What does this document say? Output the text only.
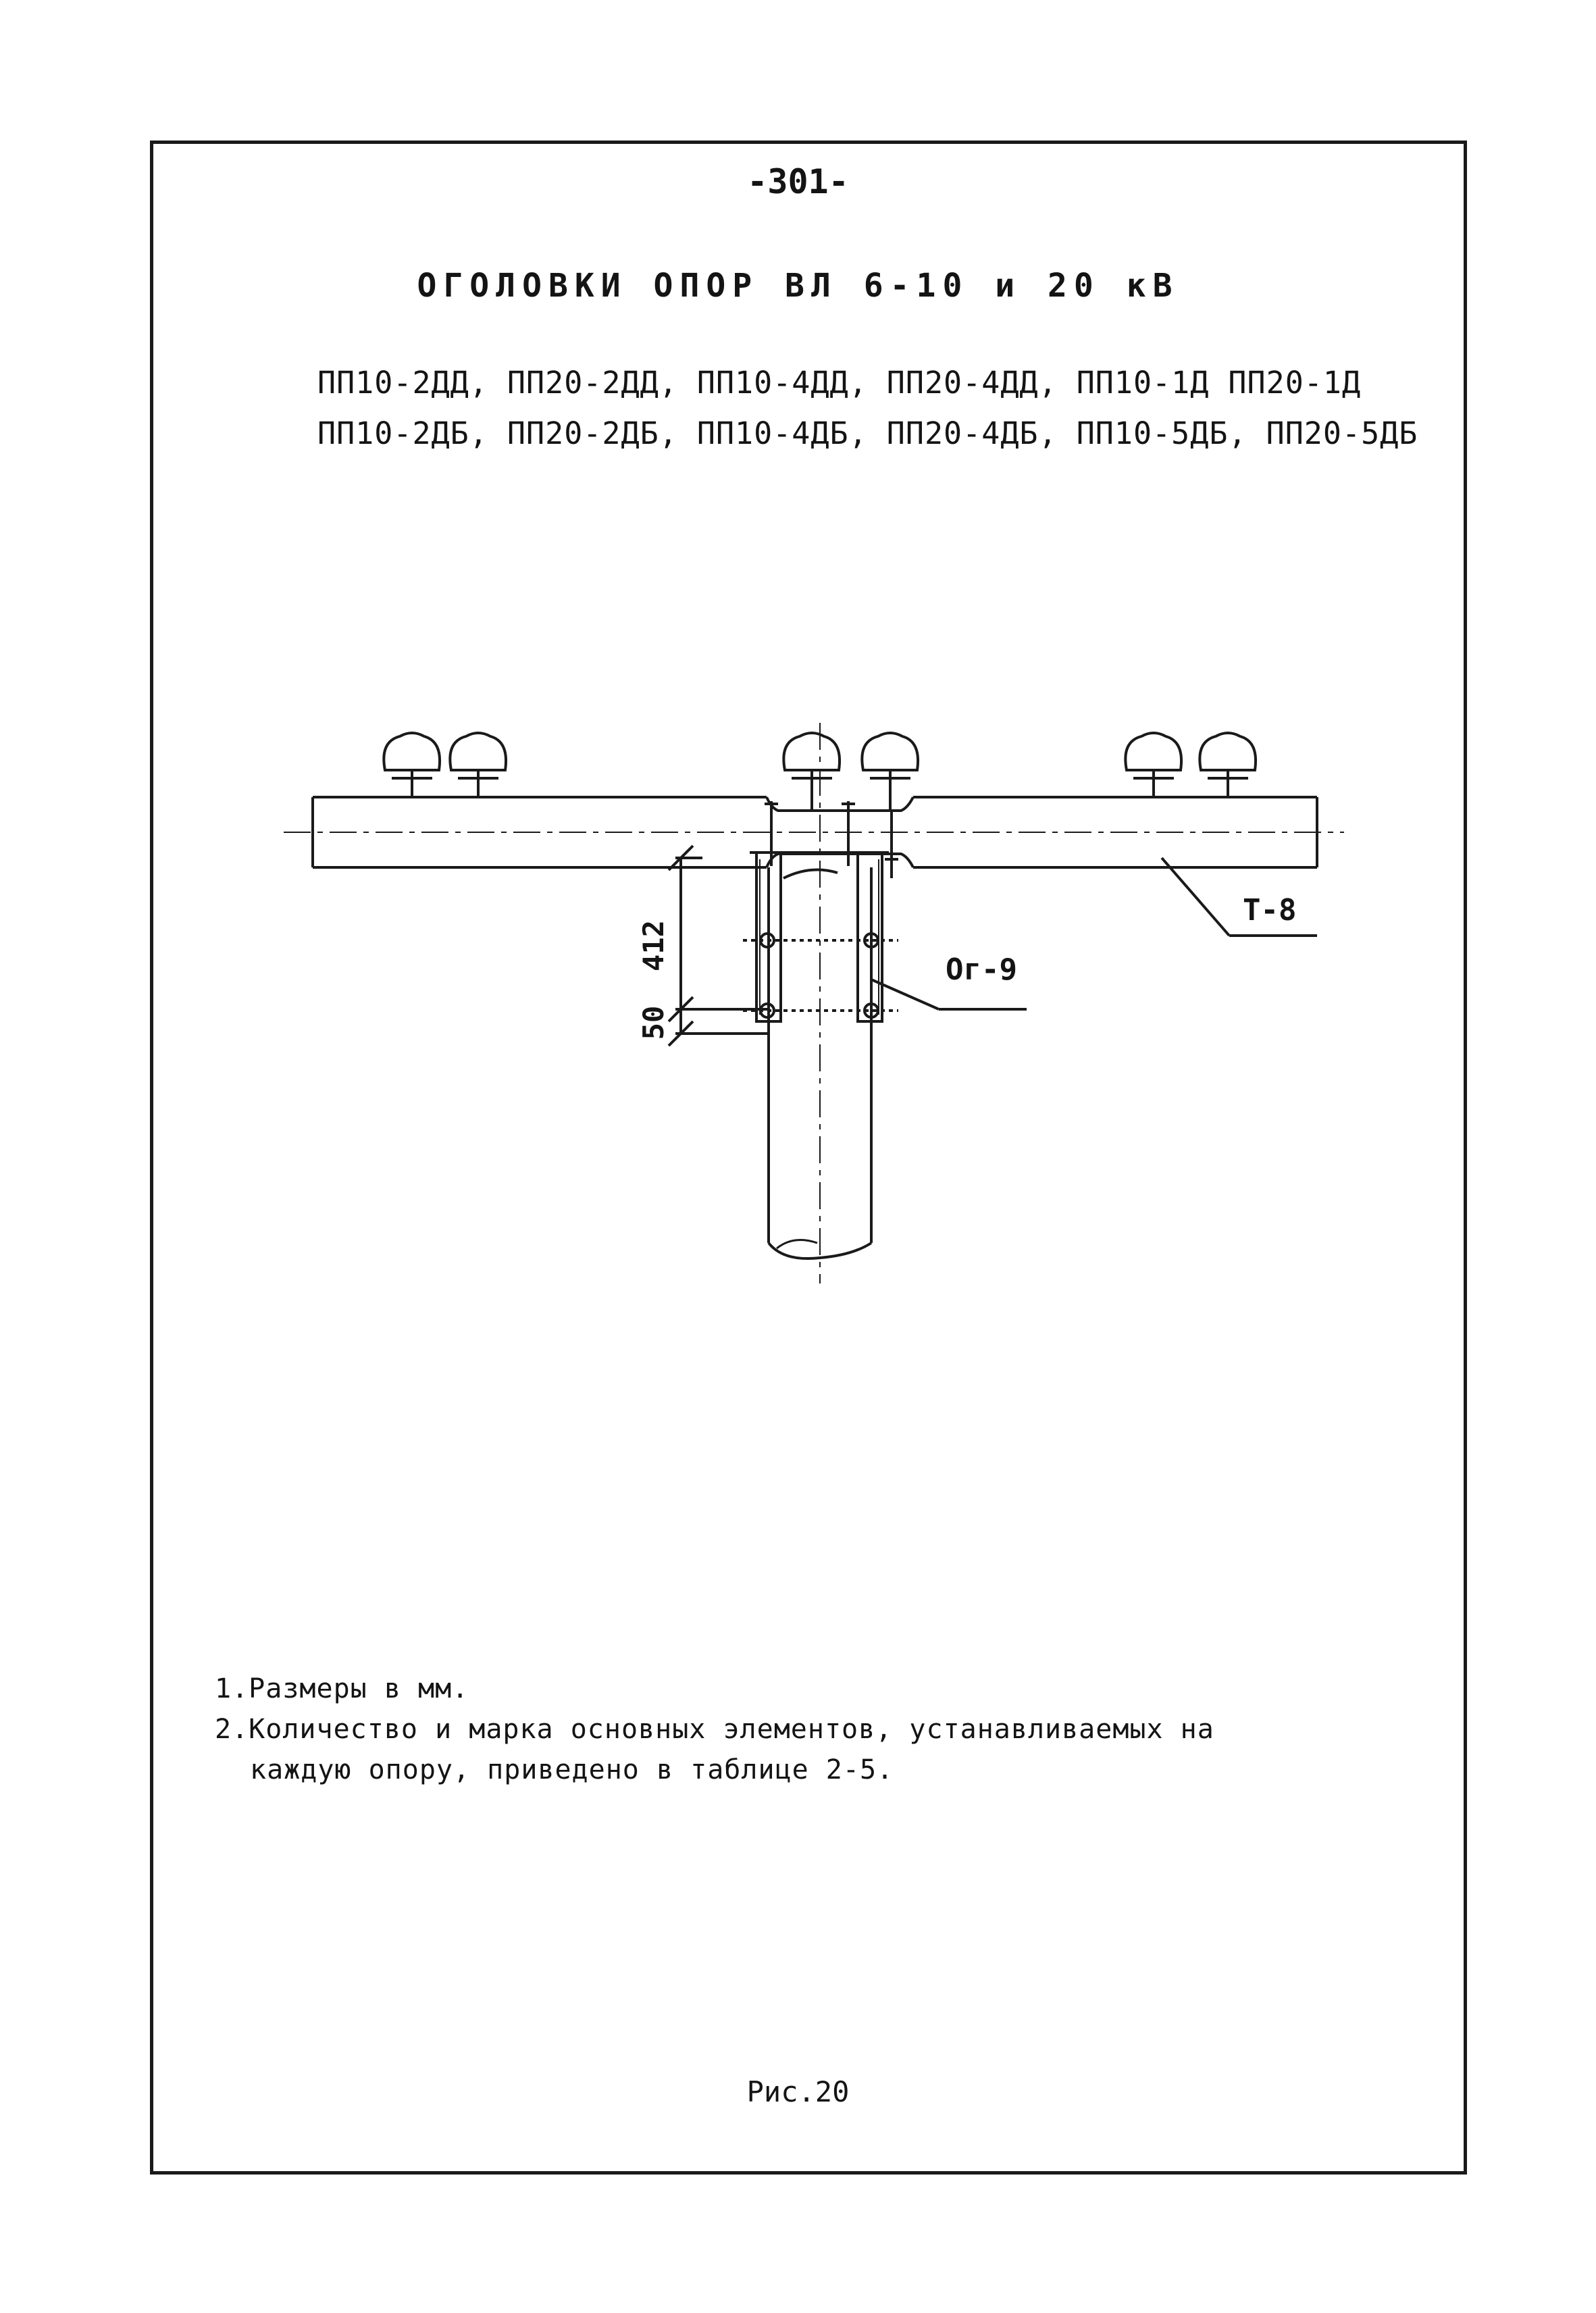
-301-
ОГОЛОВКИ ОПОР ВЛ 6-10 и 20 кВ
ПП10-2ДД, ПП20-2ДД, ПП10-4ДД, ПП20-4ДД, ПП10-1Д ПП20-1Д
ПП10-2ДБ, ПП20-2ДБ, ПП10-4ДБ, ПП20-4ДБ, ПП10-5ДБ, ПП20-5ДБ
Т-8
Ог-9
412
50
1.Размеры в мм.
2.Количество и марка основных элементов, устанавливаемых на
каждую опору, приведено в таблице 2-5.
Рис.20
